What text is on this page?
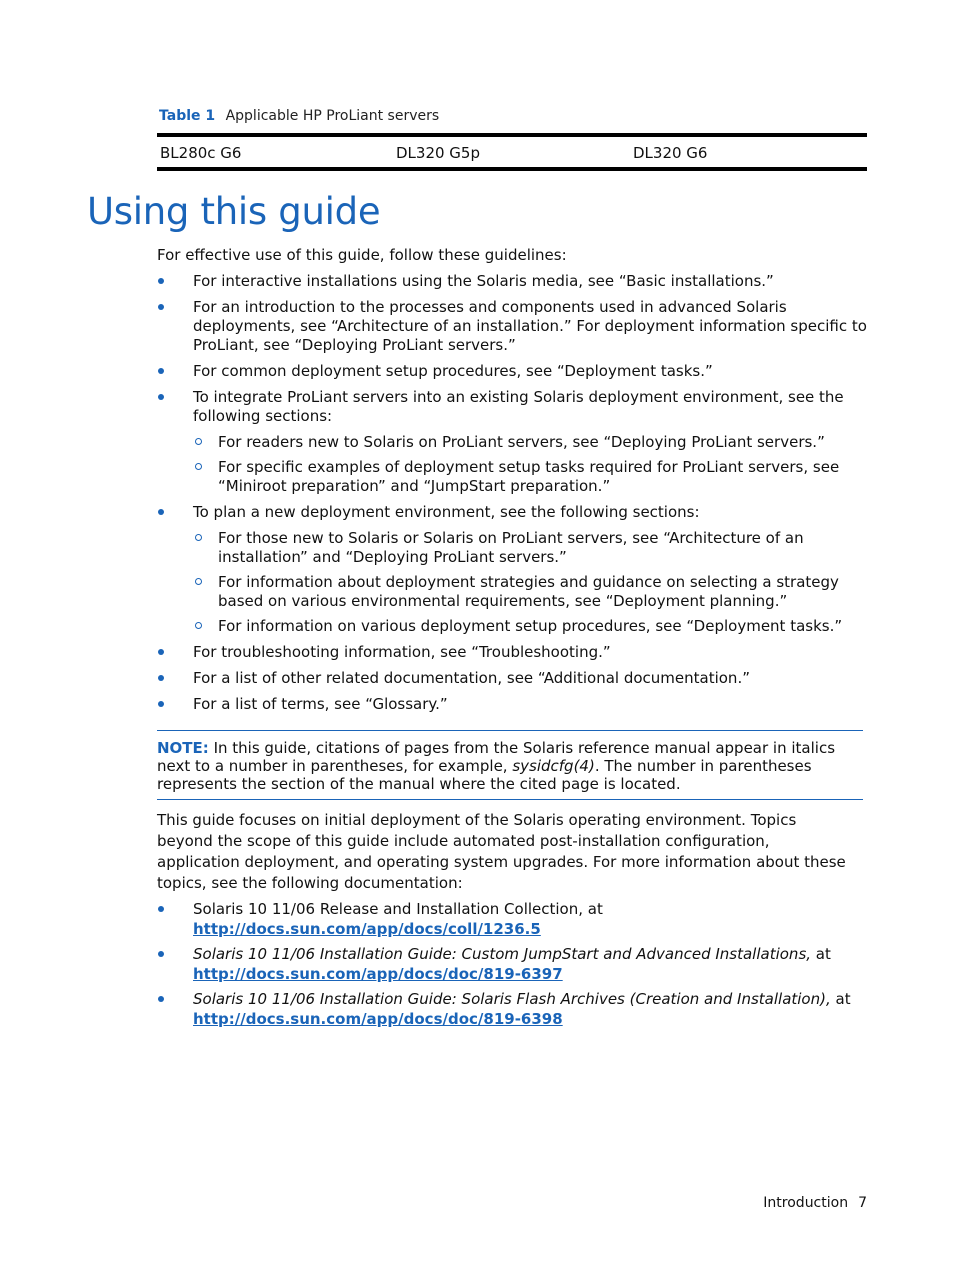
Table 1 Applicable HP ProLiant servers
BL280c G6	DL320 G5p	DL320 G6
Using this guide
For effective use of this guide, follow these guidelines:
For interactive installations using the Solaris media, see “Basic installations.”
For an introduction to the processes and components used in advanced Solaris deployments, see “Architecture of an installation.” For deployment information specific to ProLiant, see “Deploying ProLiant servers.”
For common deployment setup procedures, see “Deployment tasks.”
To integrate ProLiant servers into an existing Solaris deployment environment, see the following sections:
For readers new to Solaris on ProLiant servers, see “Deploying ProLiant servers.”
For specific examples of deployment setup tasks required for ProLiant servers, see “Miniroot preparation” and “JumpStart preparation.”
To plan a new deployment environment, see the following sections:
For those new to Solaris or Solaris on ProLiant servers, see “Architecture of an installation” and “Deploying ProLiant servers.”
For information about deployment strategies and guidance on selecting a strategy based on various environmental requirements, see “Deployment planning.”
For information on various deployment setup procedures, see “Deployment tasks.”
For troubleshooting information, see “Troubleshooting.”
For a list of other related documentation, see “Additional documentation.”
For a list of terms, see “Glossary.”
NOTE: In this guide, citations of pages from the Solaris reference manual appear in italics next to a number in parentheses, for example, sysidcfg(4). The number in parentheses represents the section of the manual where the cited page is located.
This guide focuses on initial deployment of the Solaris operating environment. Topics beyond the scope of this guide include automated post-installation configuration, application deployment, and operating system upgrades. For more information about these topics, see the following documentation:
Solaris 10 11/06 Release and Installation Collection, at
http://docs.sun.com/app/docs/coll/1236.5
Solaris 10 11/06 Installation Guide: Custom JumpStart and Advanced Installations, at
http://docs.sun.com/app/docs/doc/819-6397
Solaris 10 11/06 Installation Guide: Solaris Flash Archives (Creation and Installation), at
http://docs.sun.com/app/docs/doc/819-6398
Introduction 7
